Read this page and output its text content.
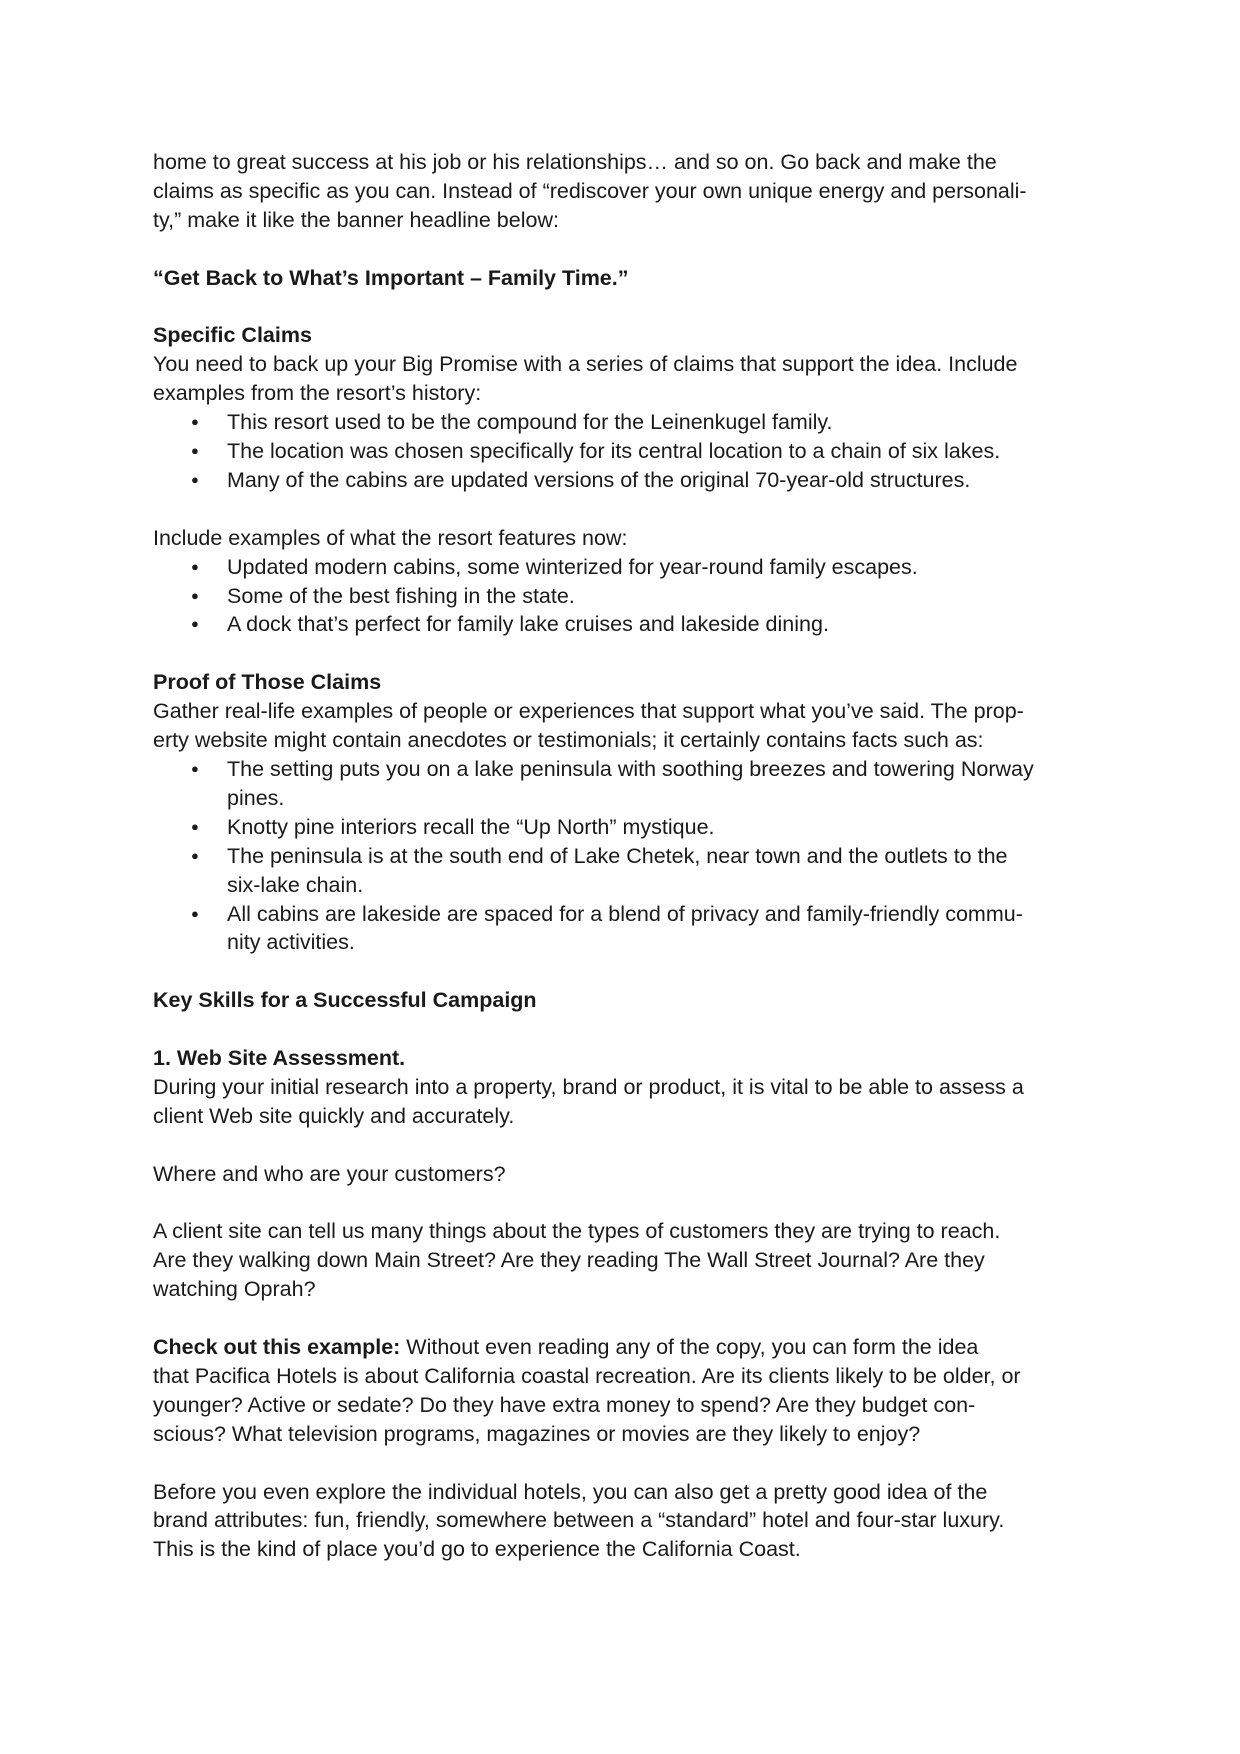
home to great success at his job or his relationships… and so on. Go back and make the

claims as specific as you can. Instead of “rediscover your own unique energy and personali-

ty,” make it like the banner headline below:

“Get Back to What’s Important – Family Time.”

Specific Claims

You need to back up your Big Promise with a series of claims that support the idea. Include

examples from the resort’s history:

● This resort used to be the compound for the Leinenkugel family.
● The location was chosen specifically for its central location to a chain of six lakes.
● Many of the cabins are updated versions of the original 70-year-old structures.

Include examples of what the resort features now:

● Updated modern cabins, some winterized for year-round family escapes.
● Some of the best fishing in the state.
● A dock that’s perfect for family lake cruises and lakeside dining.

Proof of Those Claims

Gather real-life examples of people or experiences that support what you’ve said. The prop-

erty website might contain anecdotes or testimonials; it certainly contains facts such as:

● The setting puts you on a lake peninsula with soothing breezes and towering Norway
pines.
● Knotty pine interiors recall the “Up North” mystique.
● The peninsula is at the south end of Lake Chetek, near town and the outlets to the
six-lake chain.
● All cabins are lakeside are spaced for a blend of privacy and family-friendly commu-
nity activities.

Key Skills for a Successful Campaign

1. Web Site Assessment.

During your initial research into a property, brand or product, it is vital to be able to assess a

client Web site quickly and accurately.

Where and who are your customers?

A client site can tell us many things about the types of customers they are trying to reach.

Are they walking down Main Street? Are they reading The Wall Street Journal? Are they

watching Oprah?

Check out this example: Without even reading any of the copy, you can form the idea

that Pacifica Hotels is about California coastal recreation. Are its clients likely to be older, or

younger? Active or sedate? Do they have extra money to spend? Are they budget con-

scious? What television programs, magazines or movies are they likely to enjoy?

Before you even explore the individual hotels, you can also get a pretty good idea of the

brand attributes: fun, friendly, somewhere between a “standard” hotel and four-star luxury.

This is the kind of place you’d go to experience the California Coast.
